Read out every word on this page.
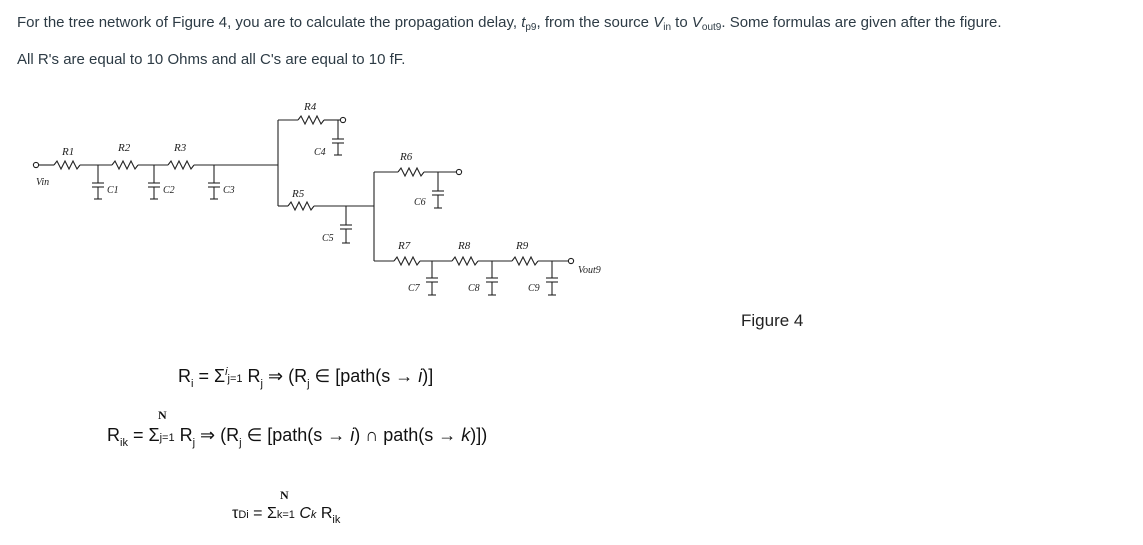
For the tree network of Figure 4, you are to calculate the propagation delay, $t_{p9}$, from the source $V_{in}$ to $V_{out9}$. Some formulas are given after the figure.
All R's are equal to 10 Ohms and all C's are equal to 10 fF.
R1	R2	R3
R4
R5
R6
R7	R8	R9
C1	C2	C3
C4
C5
C6
C7	C8	C9
Vin
Vout9
Figure 4
$R_i = \Sigma^ij=1$ $R_j$ ⇒ ($R_j$ ∈ [path(s → i)]
N
$R_{ik} = \Sigma j=1$ $R_j$ ⇒ ($R_j$ ∈ [path(s → i) ∩ path(s → k)])
N
τDi = Σk=1 Ck $R_{ik}$
